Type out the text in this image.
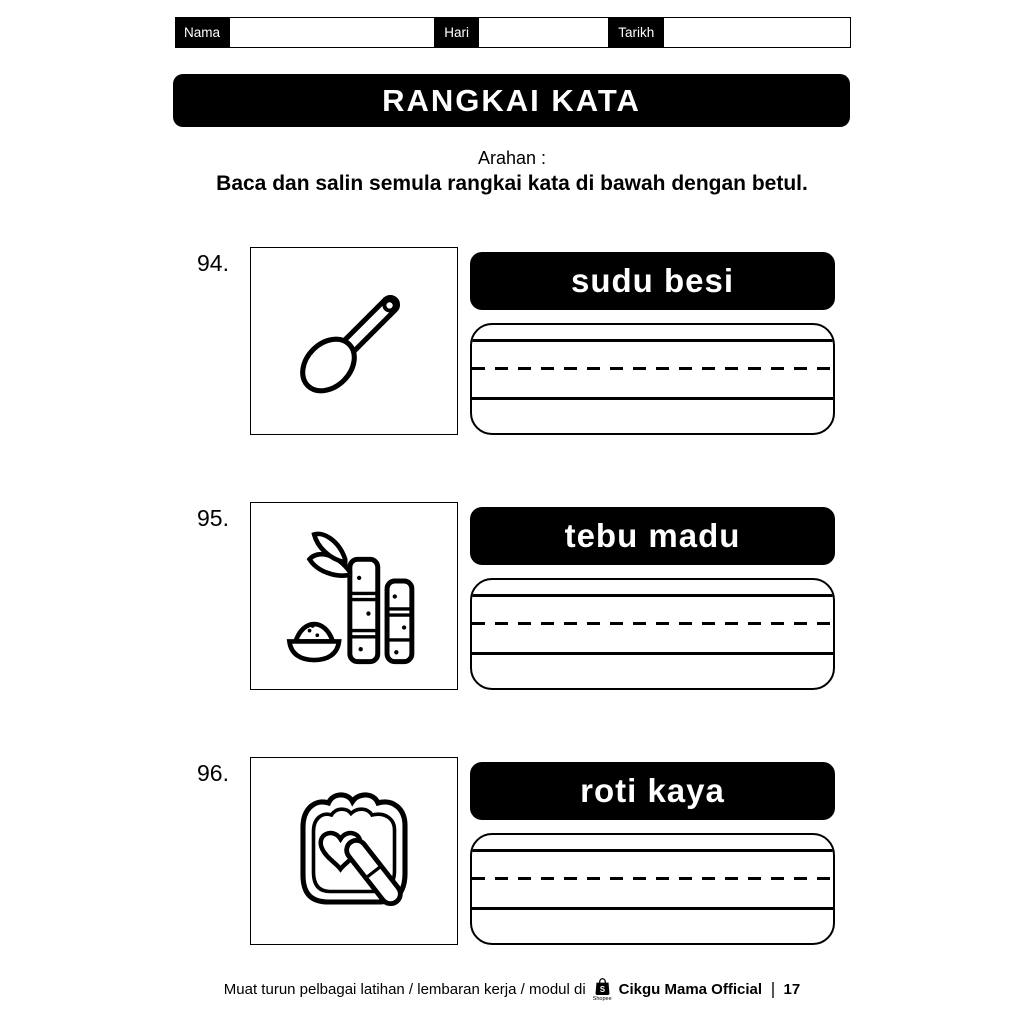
Nama	Hari	Tarikh
RANGKAI KATA
Arahan :
Baca dan salin semula rangkai kata di bawah dengan betul.
94.	sudu besi
95.	tebu madu
96.	roti kaya
Muat turun pelbagai latihan / lembaran kerja / modul di S
Shopee
Cikgu Mama Official 17
